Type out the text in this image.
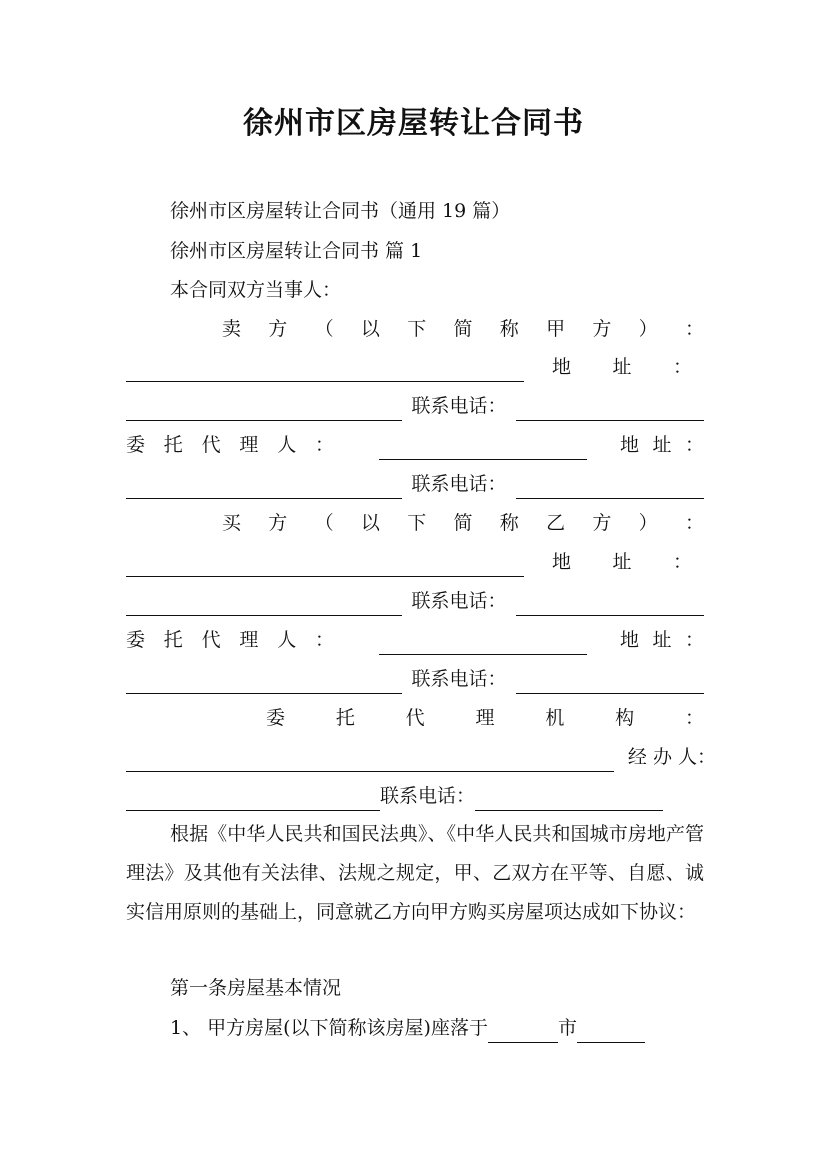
徐州市区房屋转让合同书
徐州市区房屋转让合同书（通用 19 篇）
徐州市区房屋转让合同书 篇 1
本合同双方当事人：
卖 方 （ 以 下 简 称 甲 方 ） ：
地 址 ：
联系电话：
委 托 代 理 人 ：	地 址 ：
联系电话：
买 方 （ 以 下 简 称 乙 方 ） ：
地 址 ：
联系电话：
委 托 代 理 人 ：	地 址 ：
联系电话：
委	托	代	理	机	构	：
经 办 人：
联系电话：
根据《中华人民共和国民法典》、《中华人民共和国城市房地产管理法》及其他有关法律、法规之规定，甲、乙双方在平等、自愿、诚实信用原则的基础上，同意就乙方向甲方购买房屋项达成如下协议：
第一条房屋基本情况
1、 甲方房屋(以下简称该房屋)座落于	市
